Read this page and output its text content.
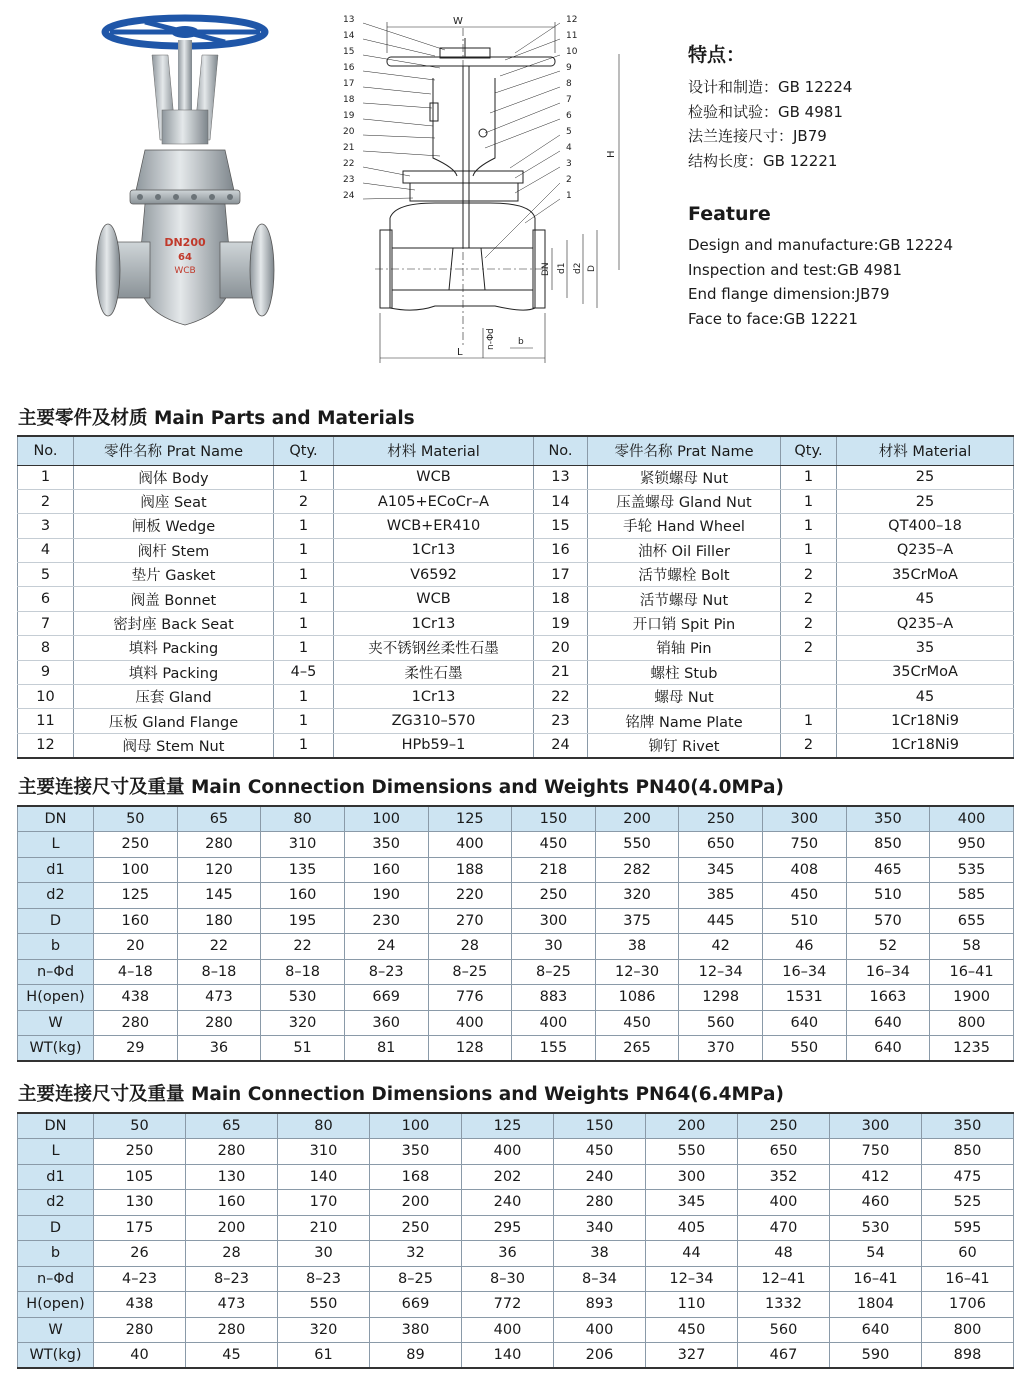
DN200
64
WCB
13
14
15
16
17
18
19
20
21
22
23
24
12
11
10
9
8
7
6
5
4
3
2
1
W
L
H
DN d1 d2 D
n-Φd b
特点：
设计和制造：GB 12224
检验和试验：GB 4981
法兰连接尺寸：JB79
结构长度：GB 12221
Feature
Design and manufacture:GB 12224
Inspection and test:GB 4981
End flange dimension:JB79
Face to face:GB 12221
主要零件及材质 Main Parts and Materials
No.	零件名称 Prat Name	Qty.	材料 Material	No.	零件名称 Prat Name	Qty.	材料 Material
1	阀体 Body	1	WCB	13	紧锁螺母 Nut	1	25
2	阀座 Seat	2	A105+ECoCr–A	14	压盖螺母 Gland Nut	1	25
3	闸板 Wedge	1	WCB+ER410	15	手轮 Hand Wheel	1	QT400–18
4	阀杆 Stem	1	1Cr13	16	油杯 Oil Filler	1	Q235–A
5	垫片 Gasket	1	V6592	17	活节螺栓 Bolt	2	35CrMoA
6	阀盖 Bonnet	1	WCB	18	活节螺母 Nut	2	45
7	密封座 Back Seat	1	1Cr13	19	开口销 Spit Pin	2	Q235–A
8	填料 Packing	1	夹不锈钢丝柔性石墨	20	销轴 Pin	2	35
9	填料 Packing	4–5	柔性石墨	21	螺柱 Stub		35CrMoA
10	压套 Gland	1	1Cr13	22	螺母 Nut		45
11	压板 Gland Flange	1	ZG310–570	23	铭牌 Name Plate	1	1Cr18Ni9
12	阀母 Stem Nut	1	HPb59–1	24	铆钉 Rivet	2	1Cr18Ni9
主要连接尺寸及重量 Main Connection Dimensions and Weights PN40(4.0MPa)
DN	50	65	80	100	125	150	200	250	300	350	400
L	250	280	310	350	400	450	550	650	750	850	950
d1	100	120	135	160	188	218	282	345	408	465	535
d2	125	145	160	190	220	250	320	385	450	510	585
D	160	180	195	230	270	300	375	445	510	570	655
b	20	22	22	24	28	30	38	42	46	52	58
n–Φd	4–18	8–18	8–18	8–23	8–25	8–25	12–30	12–34	16–34	16–34	16–41
H(open)	438	473	530	669	776	883	1086	1298	1531	1663	1900
W	280	280	320	360	400	400	450	560	640	640	800
WT(kg)	29	36	51	81	128	155	265	370	550	640	1235
主要连接尺寸及重量 Main Connection Dimensions and Weights PN64(6.4MPa)
DN	50	65	80	100	125	150	200	250	300	350
L	250	280	310	350	400	450	550	650	750	850
d1	105	130	140	168	202	240	300	352	412	475
d2	130	160	170	200	240	280	345	400	460	525
D	175	200	210	250	295	340	405	470	530	595
b	26	28	30	32	36	38	44	48	54	60
n–Φd	4–23	8–23	8–23	8–25	8–30	8–34	12–34	12–41	16–41	16–41
H(open)	438	473	550	669	772	893	110	1332	1804	1706
W	280	280	320	380	400	400	450	560	640	800
WT(kg)	40	45	61	89	140	206	327	467	590	898
